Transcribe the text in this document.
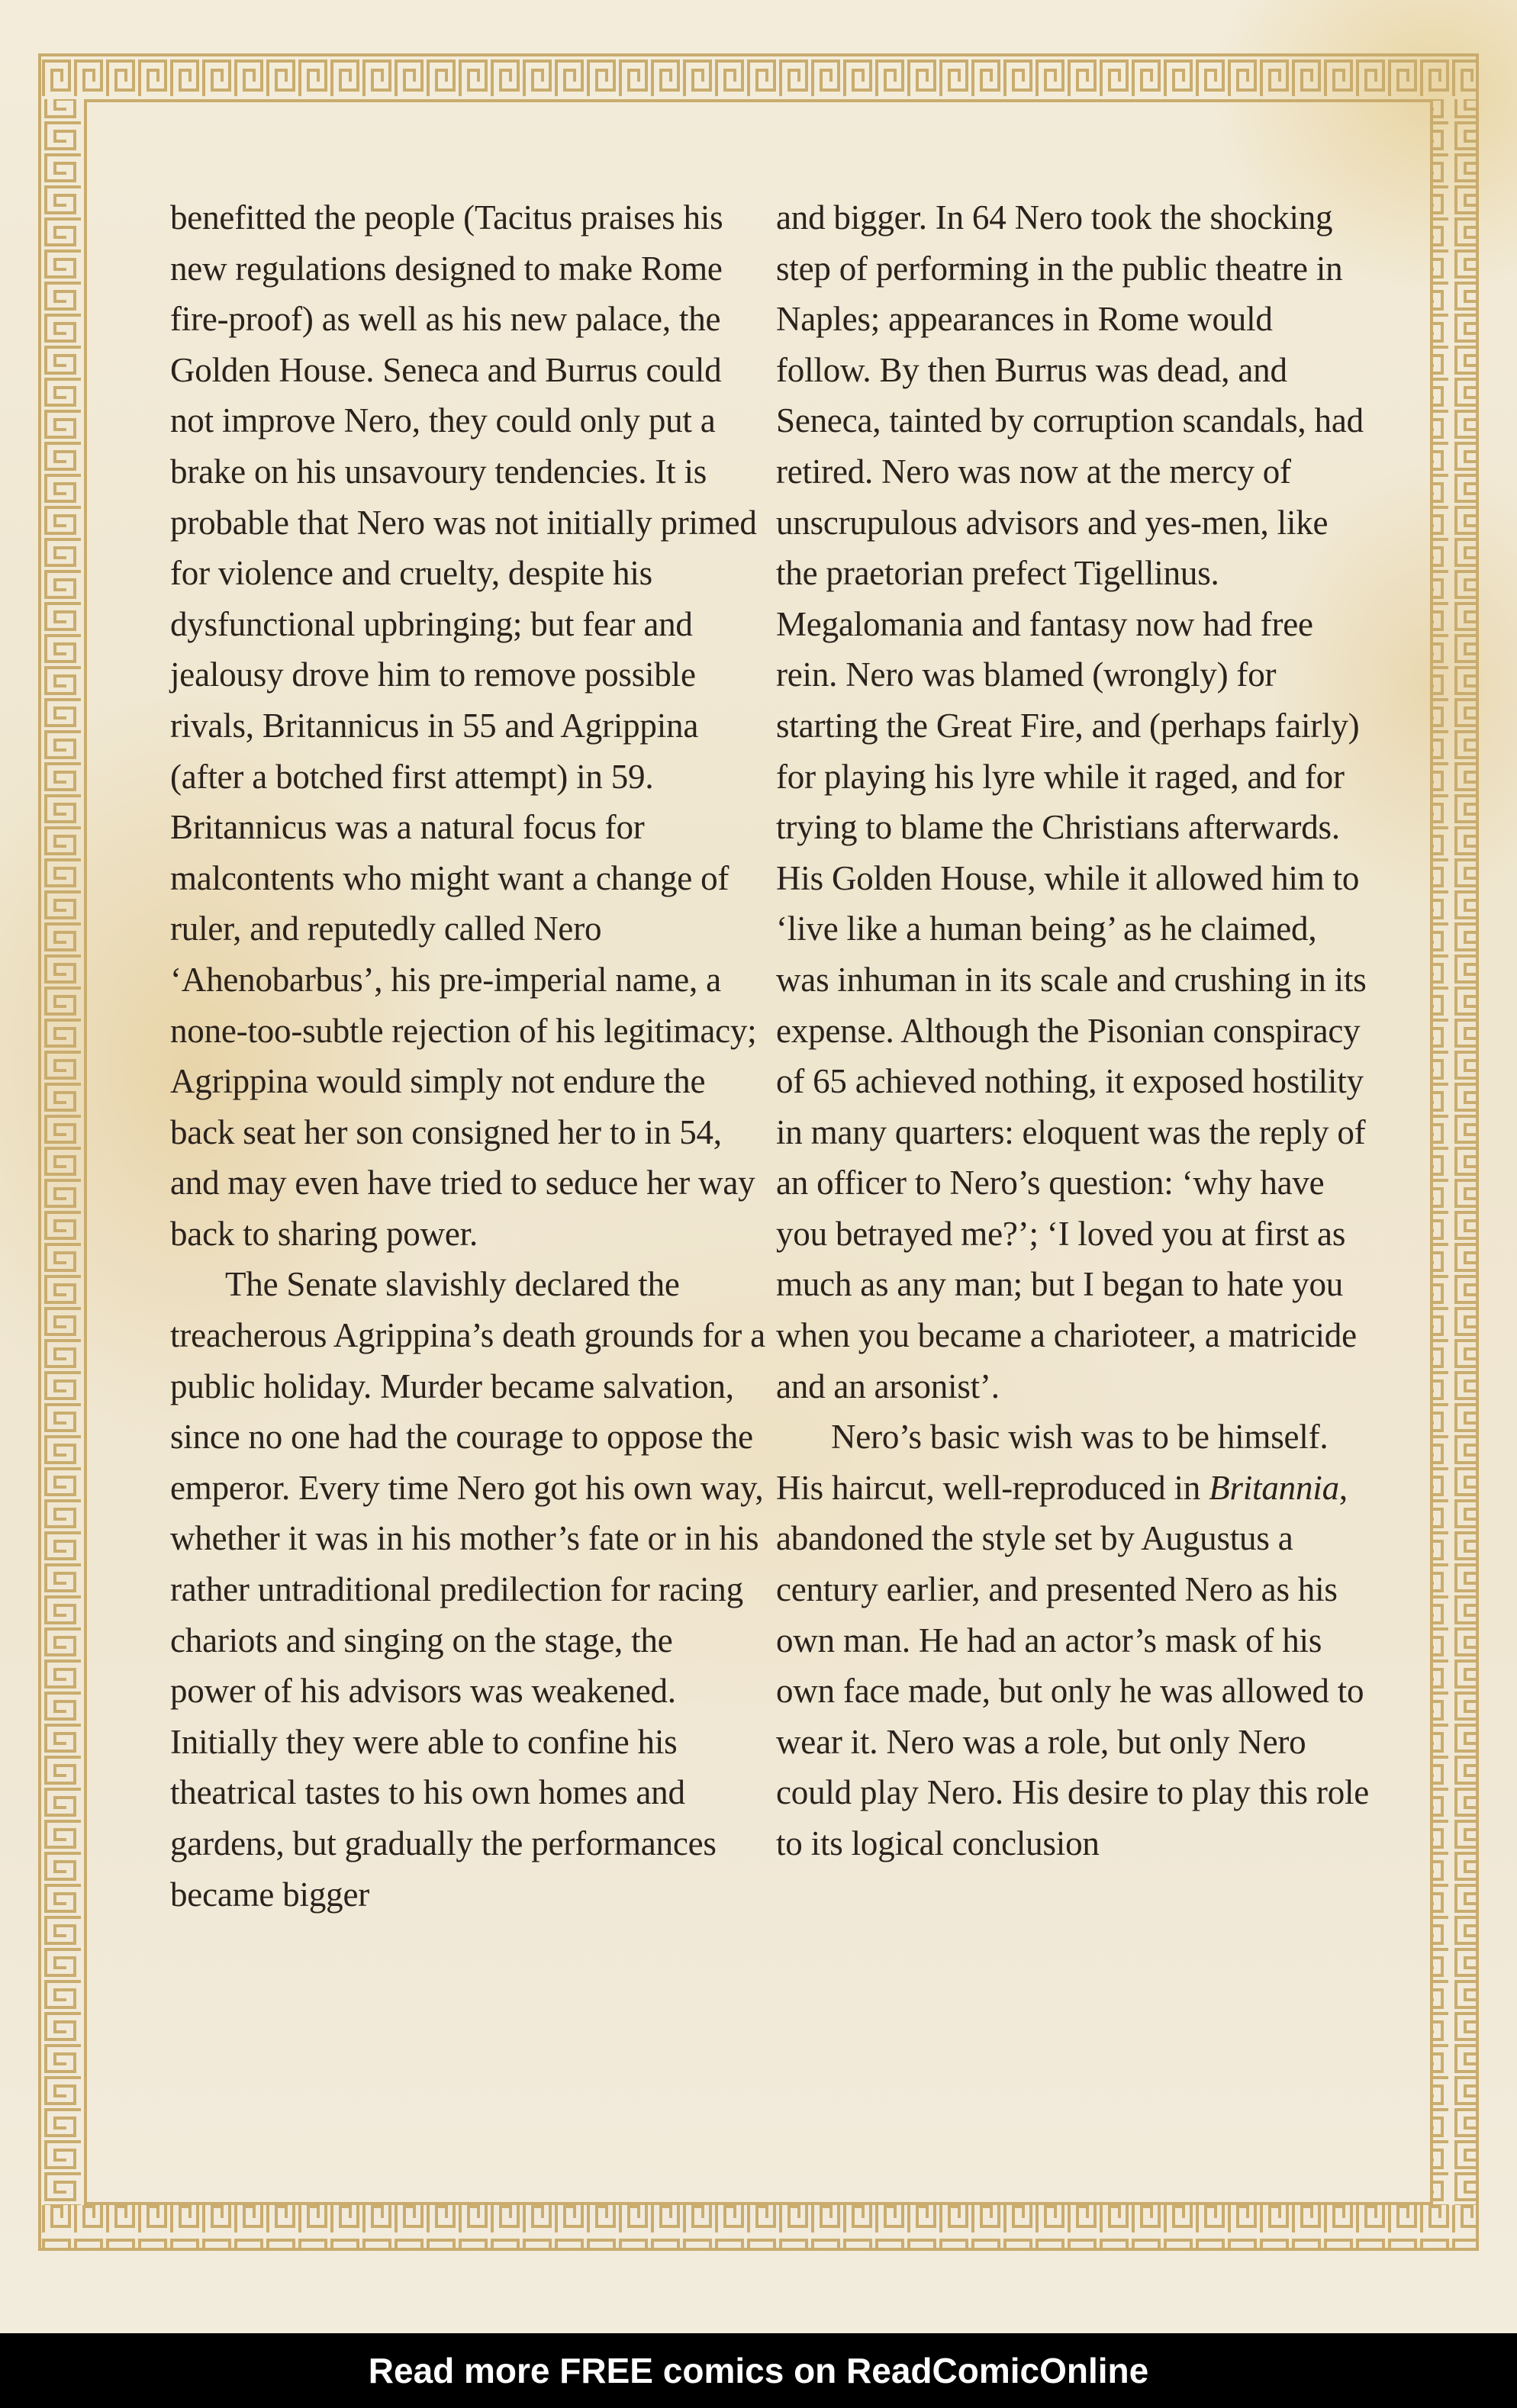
benefitted the people (Tacitus praises his new regulations designed to make Rome fire-proof) as well as his new palace, the Golden House. Seneca and Burrus could not improve Nero, they could only put a brake on his unsavoury tendencies. It is probable that Nero was not initially primed for violence and cruelty, despite his dysfunctional upbringing; but fear and jealousy drove him to remove possible rivals, Britannicus in 55 and Agrippina (after a botched first attempt) in 59. Britannicus was a natural focus for malcontents who might want a change of ruler, and reputedly called Nero ‘Ahenobarbus’, his pre-imperial name, a none-too-subtle rejection of his legitimacy; Agrippina would simply not endure the back seat her son consigned her to in 54, and may even have tried to seduce her way back to sharing power.

The Senate slavishly declared the treacherous Agrippina’s death grounds for a public holiday. Murder became salvation, since no one had the courage to oppose the emperor. Every time Nero got his own way, whether it was in his mother’s fate or in his rather untraditional predilection for racing chariots and singing on the stage, the power of his advisors was weakened. Initially they were able to confine his theatrical tastes to his own homes and gardens, but gradually the performances became bigger

and bigger. In 64 Nero took the shocking step of performing in the public theatre in Naples; appearances in Rome would follow. By then Burrus was dead, and Seneca, tainted by corruption scandals, had retired. Nero was now at the mercy of unscrupulous advisors and yes-men, like the praetorian prefect Tigellinus. Megalomania and fantasy now had free rein. Nero was blamed (wrongly) for starting the Great Fire, and (perhaps fairly) for playing his lyre while it raged, and for trying to blame the Christians afterwards. His Golden House, while it allowed him to ‘live like a human being’ as he claimed, was inhuman in its scale and crushing in its expense. Although the Pisonian conspiracy of 65 achieved nothing, it exposed hostility in many quarters: eloquent was the reply of an officer to Nero’s question: ‘why have you betrayed me?’; ‘I loved you at first as much as any man; but I began to hate you when you became a charioteer, a matricide and an arsonist’.

Nero’s basic wish was to be himself. His haircut, well-reproduced in Britannia, abandoned the style set by Augustus a century earlier, and presented Nero as his own man. He had an actor’s mask of his own face made, but only he was allowed to wear it. Nero was a role, but only Nero could play Nero. His desire to play this role to its logical conclusion

Read more FREE comics on ReadComicOnline
